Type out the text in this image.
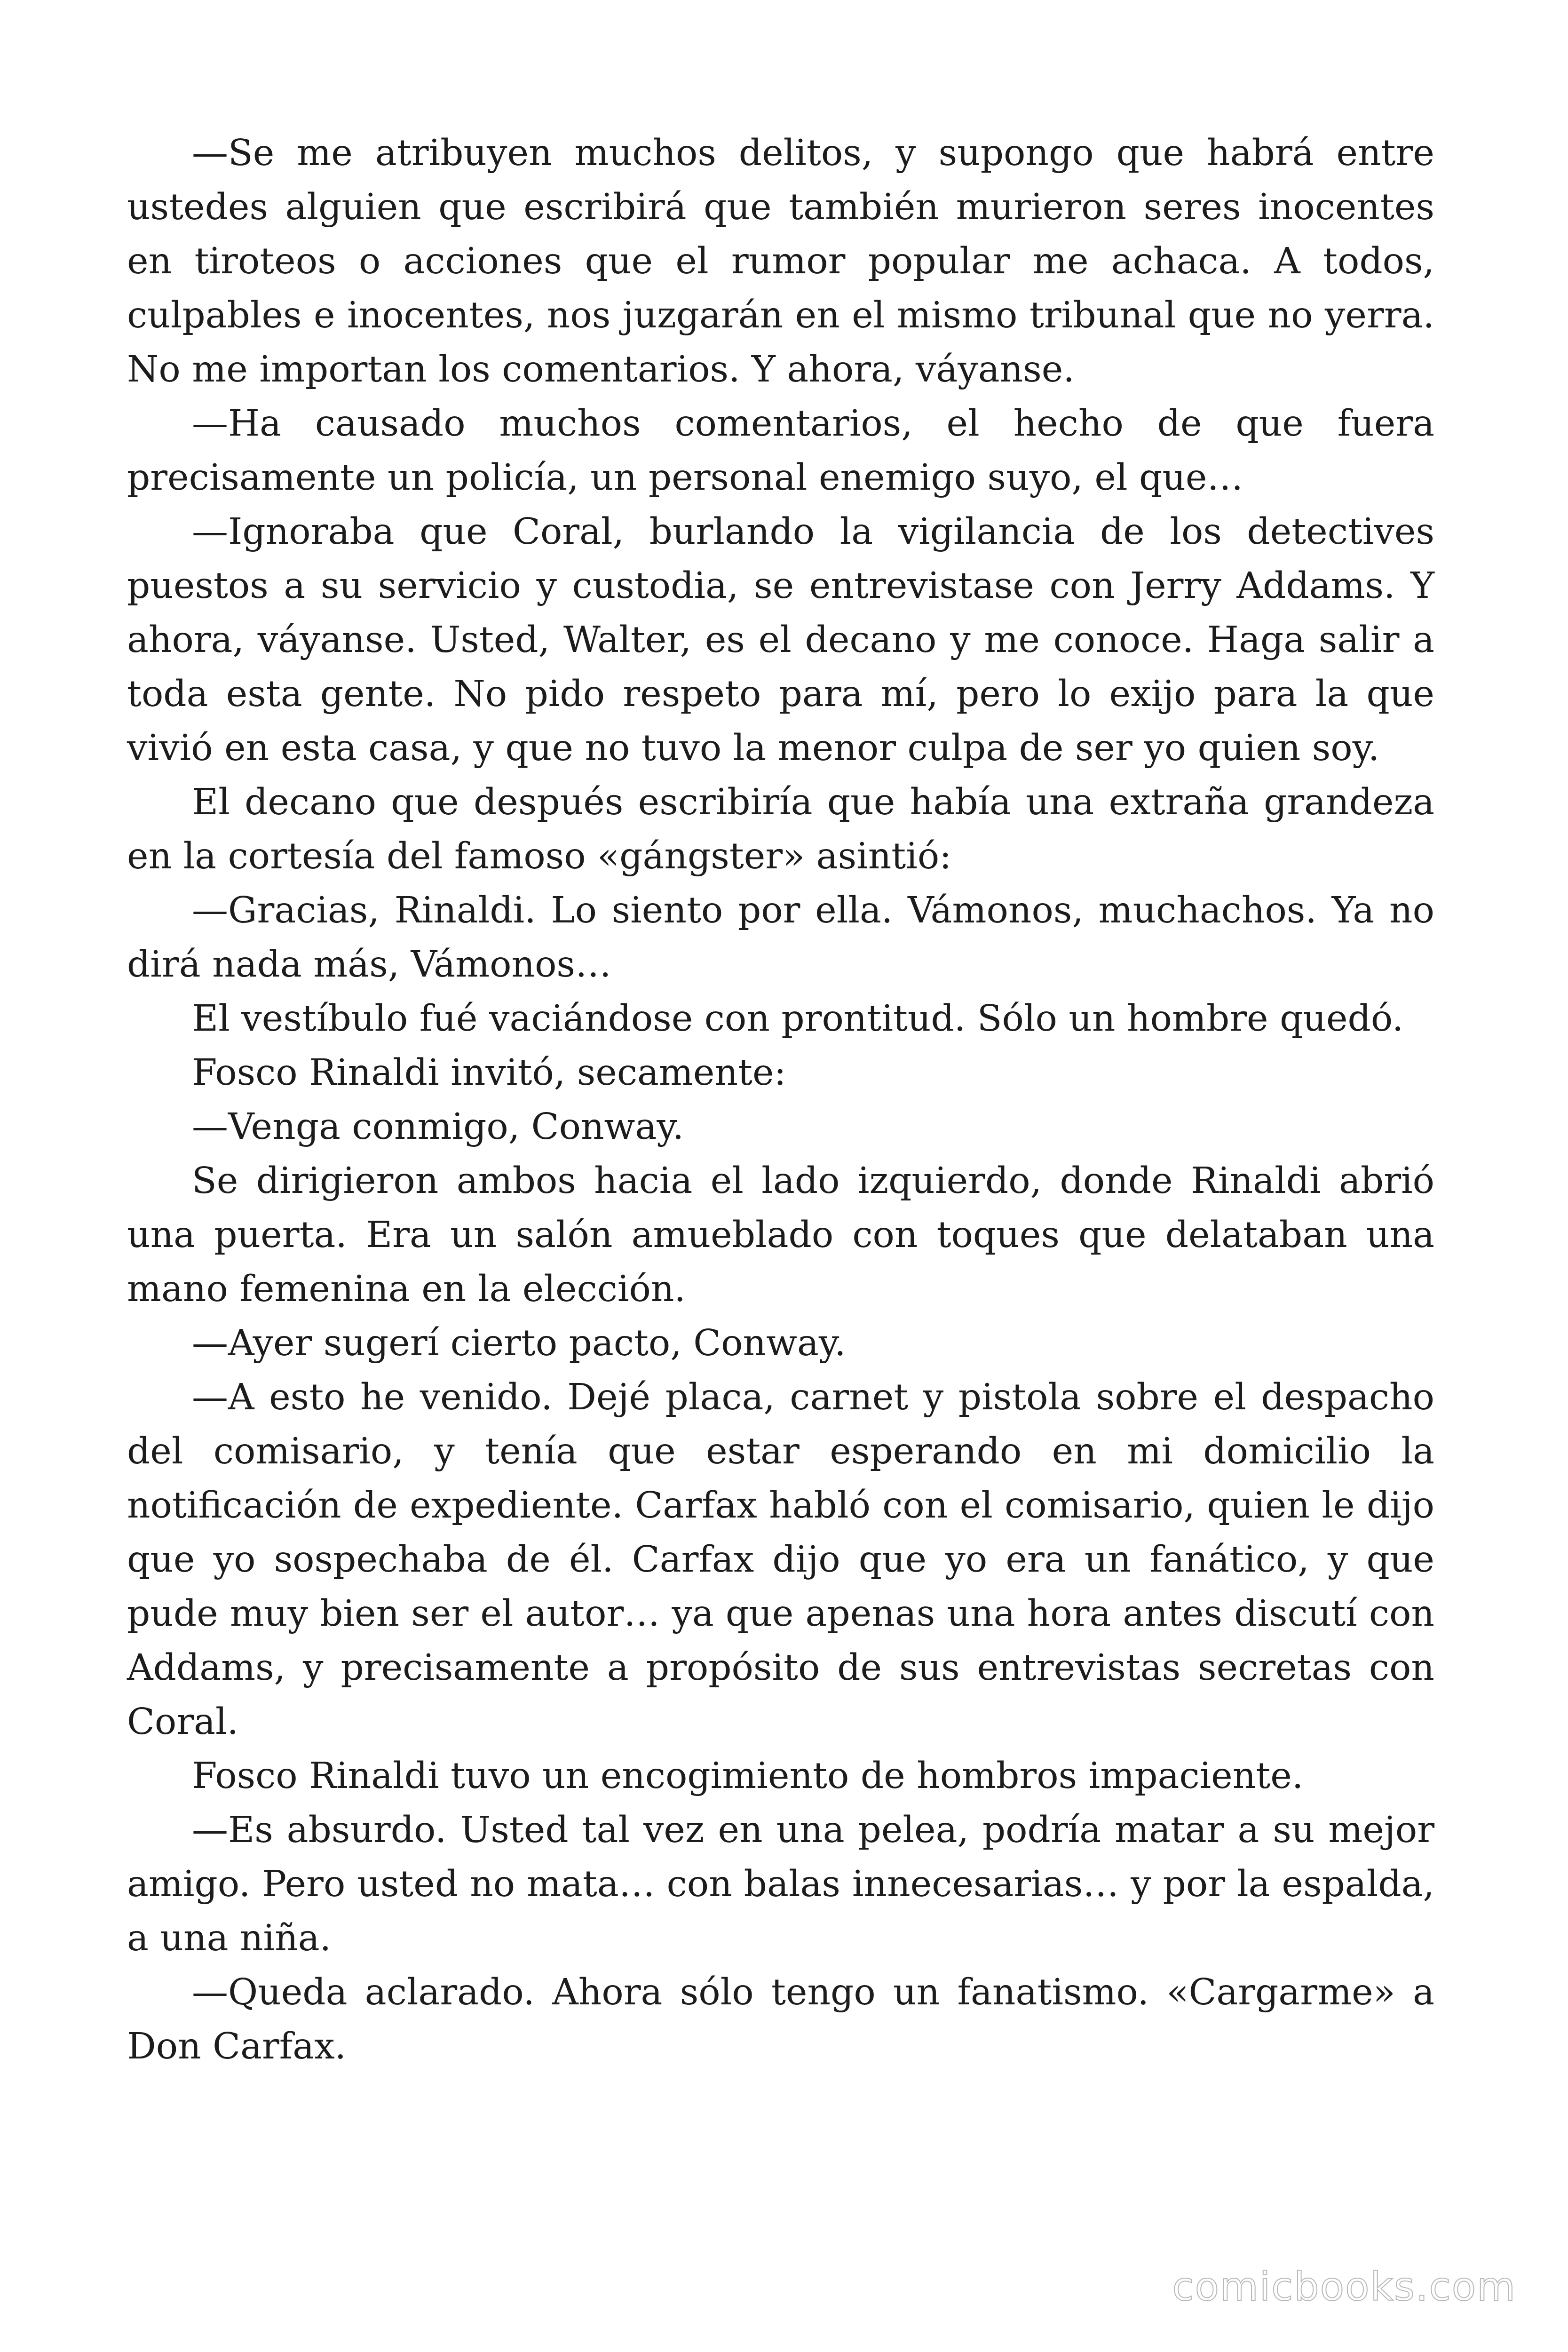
—Se me atribuyen muchos delitos, y supongo que habrá entre ustedes alguien que escribirá que también murieron seres inocentes en tiroteos o acciones que el rumor popular me achaca. A todos, culpables e inocentes, nos juzgarán en el mismo tribunal que no yerra. No me importan los comentarios. Y ahora, váyanse.

—Ha causado muchos comentarios, el hecho de que fuera precisamente un policía, un personal enemigo suyo, el que…

—Ignoraba que Coral, burlando la vigilancia de los detectives puestos a su servicio y custodia, se entrevistase con Jerry Addams. Y ahora, váyanse. Usted, Walter, es el decano y me conoce. Haga salir a toda esta gente. No pido respeto para mí, pero lo exijo para la que vivió en esta casa, y que no tuvo la menor culpa de ser yo quien soy.

El decano que después escribiría que había una extraña grandeza en la cortesía del famoso «gángster» asintió:

—Gracias, Rinaldi. Lo siento por ella. Vámonos, muchachos. Ya no dirá nada más, Vámonos…

El vestíbulo fué vaciándose con prontitud. Sólo un hombre quedó.

Fosco Rinaldi invitó, secamente:

—Venga conmigo, Conway.

Se dirigieron ambos hacia el lado izquierdo, donde Rinaldi abrió una puerta. Era un salón amueblado con toques que delataban una mano femenina en la elección.

—Ayer sugerí cierto pacto, Conway.

—A esto he venido. Dejé placa, carnet y pistola sobre el despacho del comisario, y tenía que estar esperando en mi domicilio la notificación de expediente. Carfax habló con el comisario, quien le dijo que yo sospechaba de él. Carfax dijo que yo era un fanático, y que pude muy bien ser el autor… ya que apenas una hora antes discutí con Addams, y precisamente a propósito de sus entrevistas secretas con Coral.

Fosco Rinaldi tuvo un encogimiento de hombros impaciente.

—Es absurdo. Usted tal vez en una pelea, podría matar a su mejor amigo. Pero usted no mata… con balas innecesarias… y por la espalda, a una niña.

—Queda aclarado. Ahora sólo tengo un fanatismo. «Cargarme» a Don Carfax.

comicbooks.com
